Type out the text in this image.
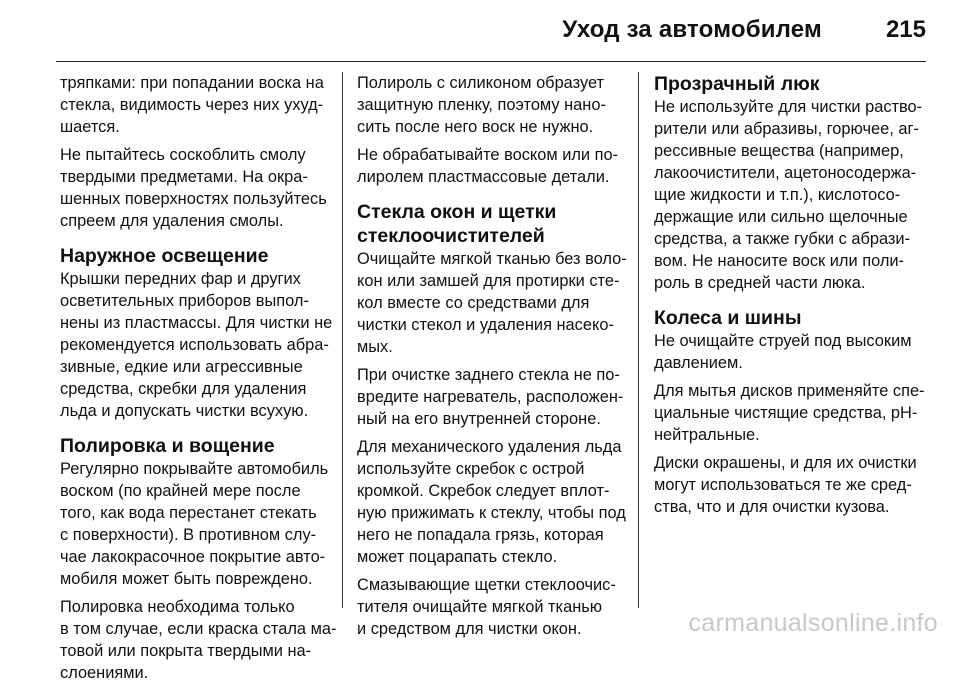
Уход за автомобилем	215
тряпками: при попадании воска на
стекла, видимость через них ухуд-
шается.
Не пытайтесь соскоблить смолу
твердыми предметами. На окра-
шенных поверхностях пользуйтесь
спреем для удаления смолы.
Наружное освещение
Крышки передних фар и других
осветительных приборов выпол-
нены из пластмассы. Для чистки не
рекомендуется использовать абра-
зивные, едкие или агрессивные
средства, скребки для удаления
льда и допускать чистки всухую.
Полировка и вощение
Регулярно покрывайте автомобиль
воском (по крайней мере после
того, как вода перестанет стекать
с поверхности). В противном слу-
чае лакокрасочное покрытие авто-
мобиля может быть повреждено.
Полировка необходима только
в том случае, если краска стала ма-
товой или покрыта твердыми на-
слоениями.
Полироль с силиконом образует
защитную пленку, поэтому нано-
сить после него воск не нужно.
Не обрабатывайте воском или по-
лиролем пластмассовые детали.
Стекла окон и щетки
стеклоочистителей
Очищайте мягкой тканью без воло-
кон или замшей для протирки сте-
кол вместе со средствами для
чистки стекол и удаления насеко-
мых.
При очистке заднего стекла не по-
вредите нагреватель, расположен-
ный на его внутренней стороне.
Для механического удаления льда
используйте скребок с острой
кромкой. Скребок следует вплот-
ную прижимать к стеклу, чтобы под
него не попадала грязь, которая
может поцарапать стекло.
Смазывающие щетки стеклоочис-
тителя очищайте мягкой тканью
и средством для чистки окон.
Прозрачный люк
Не используйте для чистки раство-
рители или абразивы, горючее, аг-
рессивные вещества (например,
лакоочистители, ацетоносодержа-
щие жидкости и т.п.), кислотосо-
держащие или сильно щелочные
средства, а также губки с абрази-
вом. Не наносите воск или поли-
роль в средней части люка.
Колеса и шины
Не очищайте струей под высоким
давлением.
Для мытья дисков применяйте спе-
циальные чистящие средства, pH-
нейтральные.
Диски окрашены, и для их очистки
могут использоваться те же сред-
ства, что и для очистки кузова.
carmanualsonline.info
